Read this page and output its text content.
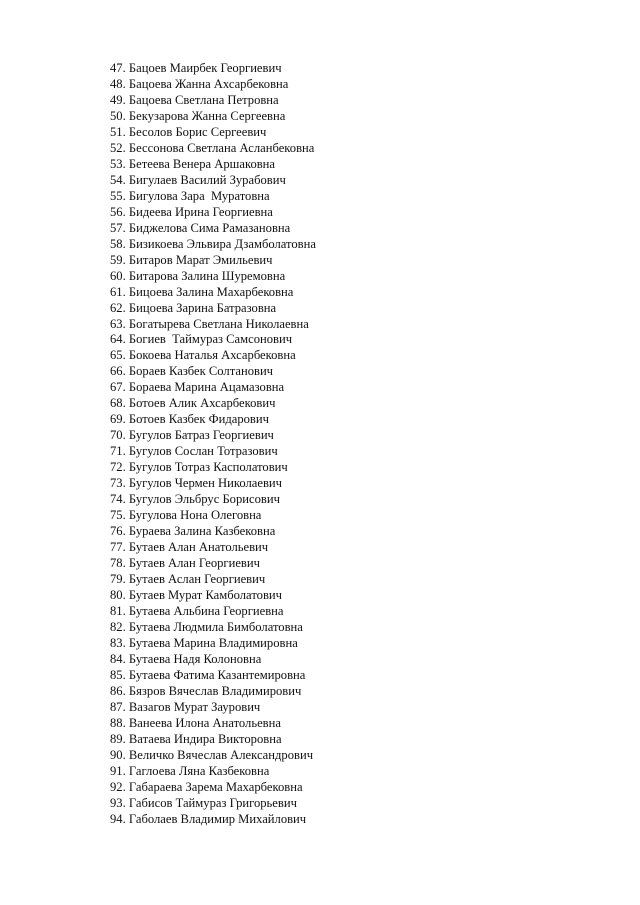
47. Бацоев Маирбек Георгиевич
48. Бацоева Жанна Ахсарбековна
49. Бацоева Светлана Петровна
50. Бекузарова Жанна Сергеевна
51. Бесолов Борис Сергеевич
52. Бессонова Светлана Асланбековна
53. Бетеева Венера Аршаковна
54. Бигулаев Василий Зурабович
55. Бигулова Зара  Муратовна
56. Бидеева Ирина Георгиевна
57. Биджелова Сима Рамазановна
58. Бизикоева Эльвира Дзамболатовна
59. Битаров Марат Эмильевич
60. Битарова Залина Шуремовна
61. Бицоева Залина Махарбековна
62. Бицоева Зарина Батразовна
63. Богатырева Светлана Николаевна
64. Богиев  Таймураз Самсонович
65. Бокоева Наталья Ахсарбековна
66. Бораев Казбек Солтанович
67. Бораева Марина Ацамазовна
68. Ботоев Алик Ахсарбекович
69. Ботоев Казбек Фидарович
70. Бугулов Батраз Георгиевич
71. Бугулов Сослан Тотразович
72. Бугулов Тотраз Касполатович
73. Бугулов Чермен Николаевич
74. Бугулов Эльбрус Борисович
75. Бугулова Нона Олеговна
76. Бураева Залина Казбековна
77. Бутаев Алан Анатольевич
78. Бутаев Алан Георгиевич
79. Бутаев Аслан Георгиевич
80. Бутаев Мурат Камболатович
81. Бутаева Альбина Георгиевна
82. Бутаева Людмила Бимболатовна
83. Бутаева Марина Владимировна
84. Бутаева Надя Колоновна
85. Бутаева Фатима Казантемировна
86. Бязров Вячеслав Владимирович
87. Вазагов Мурат Заурович
88. Ванеева Илона Анатольевна
89. Ватаева Индира Викторовна
90. Величко Вячеслав Александрович
91. Гаглоева Ляна Казбековна
92. Габараева Зарема Махарбековна
93. Габисов Таймураз Григорьевич
94. Габолаев Владимир Михайлович
